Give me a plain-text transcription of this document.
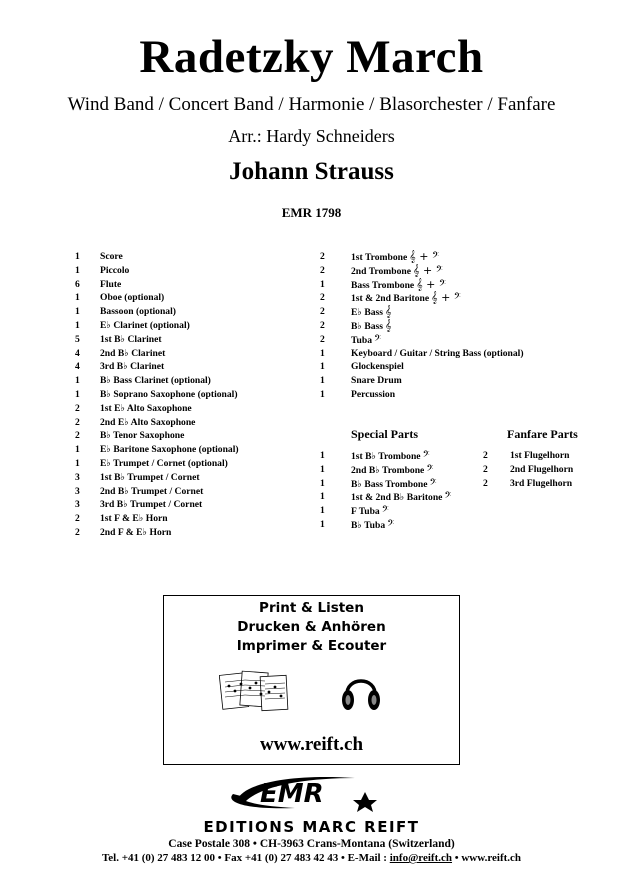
Radetzky March
Wind Band / Concert Band / Harmonie / Blasorchester / Fanfare
Arr.: Hardy Schneiders
Johann Strauss
EMR 1798
1	Score
1	Piccolo
6	Flute
1	Oboe (optional)
1	Bassoon (optional)
1	E♭ Clarinet (optional)
5	1st B♭ Clarinet
4	2nd B♭ Clarinet
4	3rd B♭ Clarinet
1	B♭ Bass Clarinet (optional)
1	B♭ Soprano Saxophone (optional)
2	1st E♭ Alto Saxophone
2	2nd E♭ Alto Saxophone
2	B♭ Tenor Saxophone
1	E♭ Baritone Saxophone (optional)
1	E♭ Trumpet / Cornet (optional)
3	1st B♭ Trumpet / Cornet
3	2nd B♭ Trumpet / Cornet
3	3rd B♭ Trumpet / Cornet
2	1st F & E♭ Horn
2	2nd F & E♭ Horn
2	1st Trombone 𝄞 + 𝄢
2	2nd Trombone 𝄞 + 𝄢
1	Bass Trombone 𝄞 + 𝄢
2	1st & 2nd Baritone 𝄞 + 𝄢
2	E♭ Bass 𝄞
2	B♭ Bass 𝄞
2	Tuba 𝄢
1	Keyboard / Guitar / String Bass (optional)
1	Glockenspiel
1	Snare Drum
1	Percussion
Special Parts	Fanfare Parts
1	1st B♭ Trombone 𝄢
1	2nd B♭ Trombone 𝄢
1	B♭ Bass Trombone 𝄢
1	1st & 2nd B♭ Baritone 𝄢
1	F Tuba 𝄢
1	B♭ Tuba 𝄢
2	1st Flugelhorn
2	2nd Flugelhorn
2	3rd Flugelhorn
Print & Listen
Drucken & Anhören
Imprimer & Ecouter
www.reift.ch
EMR
EDITIONS MARC REIFT
Case Postale 308 • CH-3963 Crans-Montana (Switzerland)
Tel. +41 (0) 27 483 12 00 • Fax +41 (0) 27 483 42 43 • E-Mail : info@reift.ch • www.reift.ch
